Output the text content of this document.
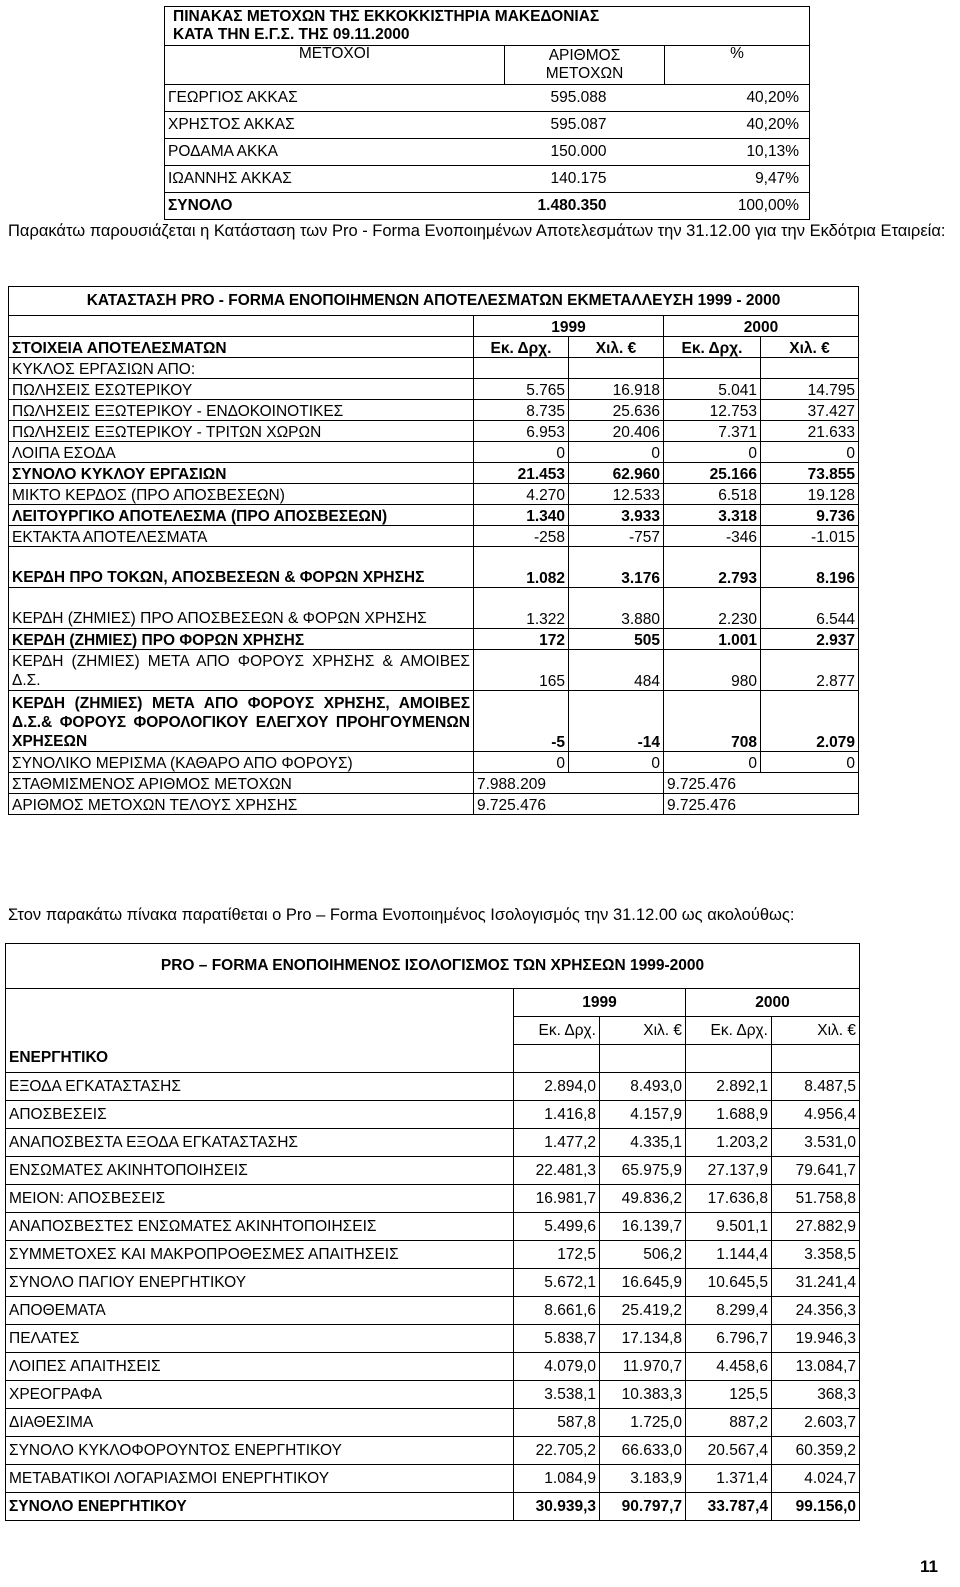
ΠΙΝΑΚΑΣ ΜΕΤΟΧΩΝ ΤΗΣ ΕΚΚΟΚΚΙΣΤΗΡΙΑ ΜΑΚΕΔΟΝΙΑΣ ΚΑΤΑ ΤΗΝ Ε.Γ.Σ. ΤΗΣ 09.11.2000		
ΜΕΤΟΧΟΙ	ΑΡΙΘΜΟΣ ΜΕΤΟΧΩΝ	%
ΓΕΩΡΓΙΟΣ ΑΚΚΑΣ	595.088	40,20%
ΧΡΗΣΤΟΣ ΑΚΚΑΣ	595.087	40,20%
ΡΟΔΑΜΑ ΑΚΚΑ	150.000	10,13%
ΙΩΑΝΝΗΣ ΑΚΚΑΣ	140.175	9,47%
ΣΥΝΟΛΟ	1.480.350	100,00%

Παρακάτω παρουσιάζεται η Κατάσταση των Pro - Forma Ενοποιημένων Αποτελεσμάτων την 31.12.00 για την Εκδότρια Εταιρεία:

ΚΑΤΑΣΤΑΣΗ PRO - FORMA ΕΝΟΠΟΙΗΜΕΝΩΝ ΑΠΟΤΕΛΕΣΜΑΤΩΝ ΕΚΜΕΤΑΛΛΕΥΣΗ 1999 - 2000				
	1999		2000	
ΣΤΟΙΧΕΙΑ ΑΠΟΤΕΛΕΣΜΑΤΩΝ	Εκ. Δρχ.	Χιλ. €	Εκ. Δρχ.	Χιλ. €
ΚΥΚΛΟΣ ΕΡΓΑΣΙΩΝ ΑΠΟ:				
ΠΩΛΗΣΕΙΣ ΕΣΩΤΕΡΙΚΟΥ	5.765	16.918	5.041	14.795
ΠΩΛΗΣΕΙΣ ΕΞΩΤΕΡΙΚΟΥ - ΕΝΔΟΚΟΙΝΟΤΙΚΕΣ	8.735	25.636	12.753	37.427
ΠΩΛΗΣΕΙΣ ΕΞΩΤΕΡΙΚΟΥ - ΤΡΙΤΩΝ ΧΩΡΩΝ	6.953	20.406	7.371	21.633
ΛΟΙΠΑ ΕΣΟΔΑ	0	0	0	0
ΣΥΝΟΛΟ ΚΥΚΛΟΥ ΕΡΓΑΣΙΩΝ	21.453	62.960	25.166	73.855
ΜΙΚΤΟ ΚΕΡΔΟΣ (ΠΡΟ ΑΠΟΣΒΕΣΕΩΝ)	4.270	12.533	6.518	19.128
ΛΕΙΤΟΥΡΓΙΚΟ ΑΠΟΤΕΛΕΣΜΑ (ΠΡΟ ΑΠΟΣΒΕΣΕΩΝ)	1.340	3.933	3.318	9.736
ΕΚΤΑΚΤΑ ΑΠΟΤΕΛΕΣΜΑΤΑ	-258	-757	-346	-1.015
ΚΕΡΔΗ ΠΡΟ ΤΟΚΩΝ, ΑΠΟΣΒΕΣΕΩΝ & ΦΟΡΩΝ ΧΡΗΣΗΣ	1.082	3.176	2.793	8.196
ΚΕΡΔΗ (ΖΗΜΙΕΣ) ΠΡΟ ΑΠΟΣΒΕΣΕΩΝ & ΦΟΡΩΝ ΧΡΗΣΗΣ	1.322	3.880	2.230	6.544
ΚΕΡΔΗ (ΖΗΜΙΕΣ) ΠΡΟ ΦΟΡΩΝ ΧΡΗΣΗΣ	172	505	1.001	2.937
ΚΕΡΔΗ (ΖΗΜΙΕΣ) ΜΕΤΑ ΑΠΟ ΦΟΡΟΥΣ ΧΡΗΣΗΣ & ΑΜΟΙΒΕΣ Δ.Σ.	165	484	980	2.877
ΚΕΡΔΗ (ΖΗΜΙΕΣ) ΜΕΤΑ ΑΠΟ ΦΟΡΟΥΣ ΧΡΗΣΗΣ, ΑΜΟΙΒΕΣ Δ.Σ.& ΦΟΡΟΥΣ ΦΟΡΟΛΟΓΙΚΟΥ ΕΛΕΓΧΟΥ ΠΡΟΗΓΟΥΜΕΝΩΝ ΧΡΗΣΕΩΝ	-5	-14	708	2.079
ΣΥΝΟΛΙΚΟ ΜΕΡΙΣΜΑ (ΚΑΘΑΡΟ ΑΠΟ ΦΟΡΟΥΣ)	0	0	0	0
ΣΤΑΘΜΙΣΜΕΝΟΣ ΑΡΙΘΜΟΣ ΜΕΤΟΧΩΝ	7.988.209		9.725.476	
ΑΡΙΘΜΟΣ ΜΕΤΟΧΩΝ ΤΕΛΟΥΣ ΧΡΗΣΗΣ	9.725.476		9.725.476	

Στον παρακάτω πίνακα παρατίθεται ο Pro – Forma Ενοποιημένος Ισολογισμός την 31.12.00 ως ακολούθως:

PRO – FORMA ΕΝΟΠΟΙΗΜΕΝΟΣ ΙΣΟΛΟΓΙΣΜΟΣ ΤΩΝ ΧΡΗΣΕΩΝ 1999-2000				
	1999		2000	
	Εκ. Δρχ.	Χιλ. €	Εκ. Δρχ.	Χιλ. €
ΕΝΕΡΓΗΤΙΚΟ				
ΕΞΟΔΑ ΕΓΚΑΤΑΣΤΑΣΗΣ	2.894,0	8.493,0	2.892,1	8.487,5
ΑΠΟΣΒΕΣΕΙΣ	1.416,8	4.157,9	1.688,9	4.956,4
ΑΝΑΠΟΣΒΕΣΤΑ ΕΞΟΔΑ ΕΓΚΑΤΑΣΤΑΣΗΣ	1.477,2	4.335,1	1.203,2	3.531,0
ΕΝΣΩΜΑΤΕΣ ΑΚΙΝΗΤΟΠΟΙΗΣΕΙΣ	22.481,3	65.975,9	27.137,9	79.641,7
ΜΕΙΟΝ: ΑΠΟΣΒΕΣΕΙΣ	16.981,7	49.836,2	17.636,8	51.758,8
ΑΝΑΠΟΣΒΕΣΤΕΣ ΕΝΣΩΜΑΤΕΣ ΑΚΙΝΗΤΟΠΟΙΗΣΕΙΣ	5.499,6	16.139,7	9.501,1	27.882,9
ΣΥΜΜΕΤΟΧΕΣ ΚΑΙ ΜΑΚΡΟΠΡΟΘΕΣΜΕΣ ΑΠΑΙΤΗΣΕΙΣ	172,5	506,2	1.144,4	3.358,5
ΣΥΝΟΛΟ ΠΑΓΙΟΥ ΕΝΕΡΓΗΤΙΚΟΥ	5.672,1	16.645,9	10.645,5	31.241,4
ΑΠΟΘΕΜΑΤΑ	8.661,6	25.419,2	8.299,4	24.356,3
ΠΕΛΑΤΕΣ	5.838,7	17.134,8	6.796,7	19.946,3
ΛΟΙΠΕΣ ΑΠΑΙΤΗΣΕΙΣ	4.079,0	11.970,7	4.458,6	13.084,7
ΧΡΕΟΓΡΑΦΑ	3.538,1	10.383,3	125,5	368,3
ΔΙΑΘΕΣΙΜΑ	587,8	1.725,0	887,2	2.603,7
ΣΥΝΟΛΟ ΚΥΚΛΟΦΟΡΟΥΝΤΟΣ ΕΝΕΡΓΗΤΙΚΟΥ	22.705,2	66.633,0	20.567,4	60.359,2
ΜΕΤΑΒΑΤΙΚΟΙ ΛΟΓΑΡΙΑΣΜΟΙ ΕΝΕΡΓΗΤΙΚΟΥ	1.084,9	3.183,9	1.371,4	4.024,7
ΣΥΝΟΛΟ ΕΝΕΡΓΗΤΙΚΟΥ	30.939,3	90.797,7	33.787,4	99.156,0
11
